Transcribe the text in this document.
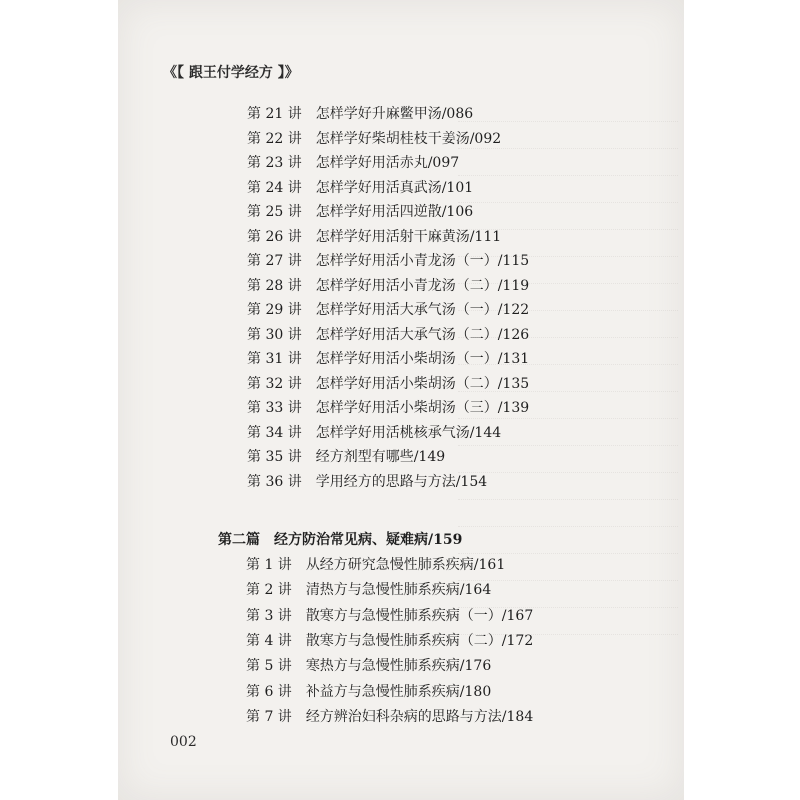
《【 跟王付学经方 】》
第 21 讲 怎样学好升麻鳖甲汤/086
第 22 讲 怎样学好柴胡桂枝干姜汤/092
第 23 讲 怎样学好用活赤丸/097
第 24 讲 怎样学好用活真武汤/101
第 25 讲 怎样学好用活四逆散/106
第 26 讲 怎样学好用活射干麻黄汤/111
第 27 讲 怎样学好用活小青龙汤（一）/115
第 28 讲 怎样学好用活小青龙汤（二）/119
第 29 讲 怎样学好用活大承气汤（一）/122
第 30 讲 怎样学好用活大承气汤（二）/126
第 31 讲 怎样学好用活小柴胡汤（一）/131
第 32 讲 怎样学好用活小柴胡汤（二）/135
第 33 讲 怎样学好用活小柴胡汤（三）/139
第 34 讲 怎样学好用活桃核承气汤/144
第 35 讲 经方剂型有哪些/149
第 36 讲 学用经方的思路与方法/154
第二篇 经方防治常见病、疑难病/159
第 1 讲 从经方研究急慢性肺系疾病/161
第 2 讲 清热方与急慢性肺系疾病/164
第 3 讲 散寒方与急慢性肺系疾病（一）/167
第 4 讲 散寒方与急慢性肺系疾病（二）/172
第 5 讲 寒热方与急慢性肺系疾病/176
第 6 讲 补益方与急慢性肺系疾病/180
第 7 讲 经方辨治妇科杂病的思路与方法/184
002
